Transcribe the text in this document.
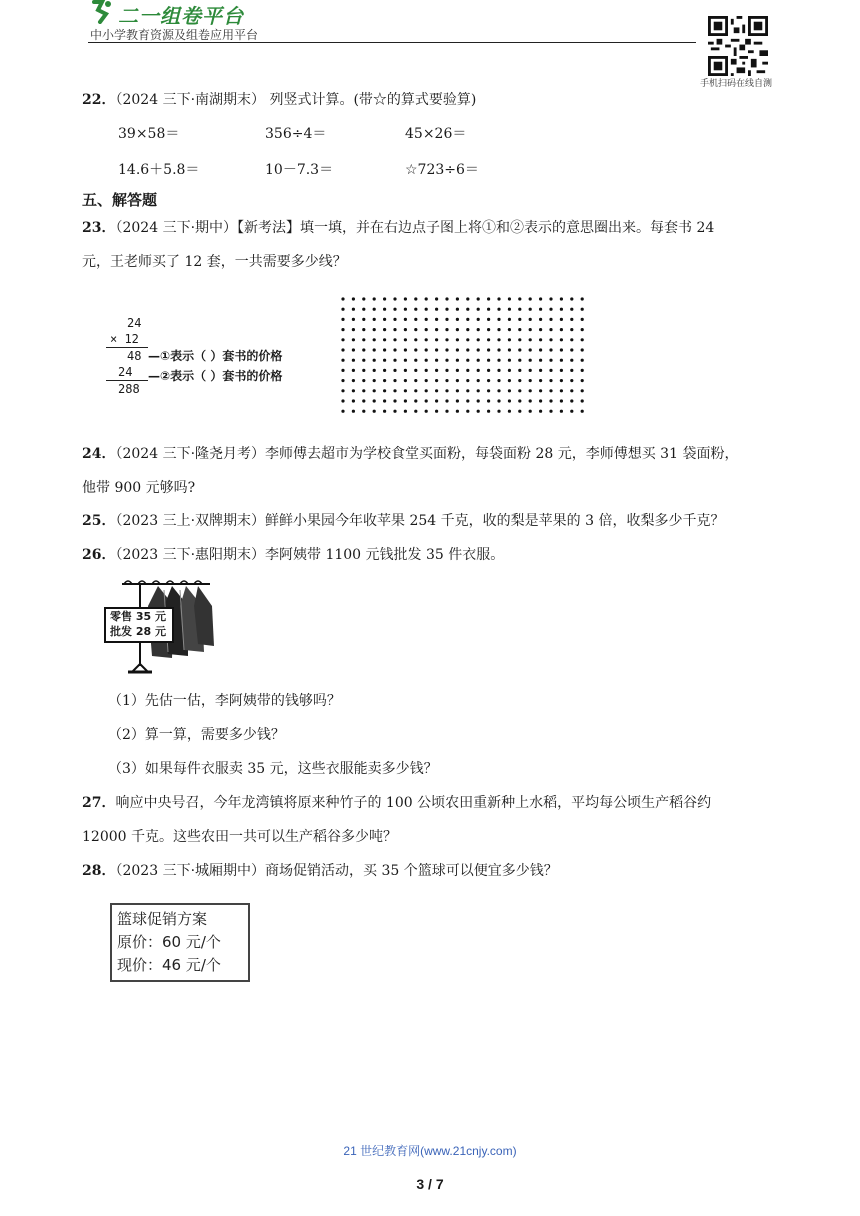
二一组卷平台
中小学教育资源及组卷应用平台
手机扫码在线自测
22．（2024 三下·南湖期末） 列竖式计算。(带☆的算式要验算)
39×58＝	356÷4＝	45×26＝
14.6＋5.8＝	10－7.3＝	☆723÷6＝
五、解答题
23．（2024 三下·期中）【新考法】填一填，并在右边点子图上将①和②表示的意思圈出来。每套书 24
元，王老师买了 12 套，一共需要多少线？
24
× 12
48 —①表示（ ）套书的价格
24 —②表示（ ）套书的价格
288
24．（2024 三下·隆尧月考）李师傅去超市为学校食堂买面粉，每袋面粉 28 元，李师傅想买 31 袋面粉，
他带 900 元够吗?
25．（2023 三上·双牌期末）鲜鲜小果园今年收苹果 254 千克，收的梨是苹果的 3 倍，收梨多少千克？
26．（2023 三下·惠阳期末）李阿姨带 1100 元钱批发 35 件衣服。
零售 35 元
批发 28 元
（1）先估一估，李阿姨带的钱够吗？
（2）算一算，需要多少钱？
（3）如果每件衣服卖 35 元，这些衣服能卖多少钱？
27．响应中央号召，今年龙湾镇将原来种竹子的 100 公顷农田重新种上水稻，平均每公顷生产稻谷约
12000 千克。这些农田一共可以生产稻谷多少吨？
28．（2023 三下·城厢期中）商场促销活动，买 35 个篮球可以便宜多少钱？
篮球促销方案
原价：60 元/个
现价：46 元/个
21 世纪教育网(www.21cnjy.com)
3 / 7
